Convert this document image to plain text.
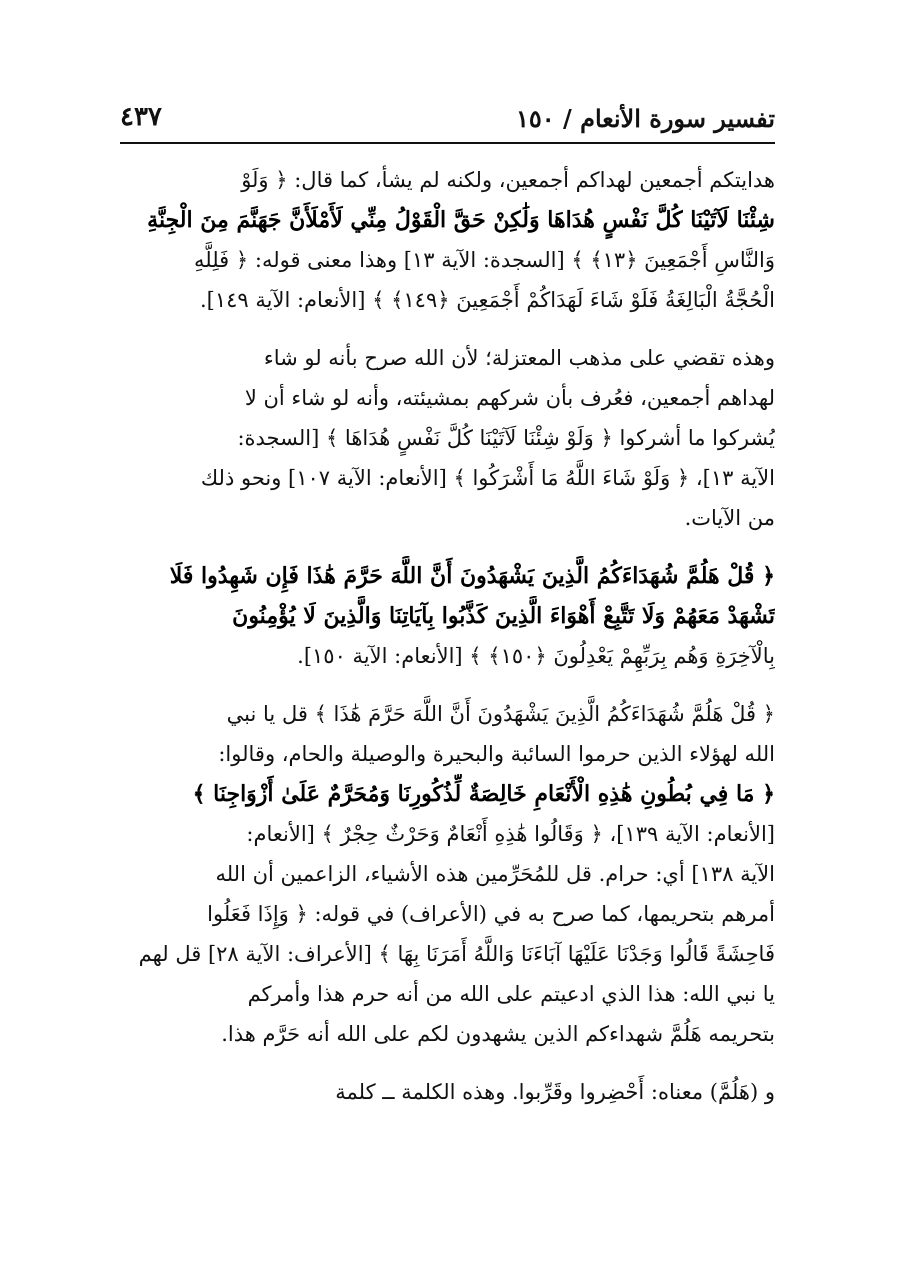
تفسير سورة الأنعام / ١٥٠
٤٣٧

هدايتكم أجمعين لهداكم أجمعين، ولكنه لم يشأ، كما قال: ﴿ وَلَوْ
شِئْنَا لَآتَيْنَا كُلَّ نَفْسٍ هُدَاهَا وَلَٰكِنْ حَقَّ الْقَوْلُ مِنِّي لَأَمْلَأَنَّ جَهَنَّمَ مِنَ الْجِنَّةِ
وَالنَّاسِ أَجْمَعِينَ ﴿١٣﴾ ﴾ [السجدة: الآية ١٣] وهذا معنى قوله: ﴿ فَلِلَّهِ
الْحُجَّةُ الْبَالِغَةُ فَلَوْ شَاءَ لَهَدَاكُمْ أَجْمَعِينَ ﴿١٤٩﴾ ﴾ [الأنعام: الآية ١٤٩].

وهذه تقضي على مذهب المعتزلة؛ لأن الله صرح بأنه لو شاء
لهداهم أجمعين، فعُرف بأن شركهم بمشيئته، وأنه لو شاء أن لا
يُشركوا ما أشركوا ﴿ وَلَوْ شِئْنَا لَآتَيْنَا كُلَّ نَفْسٍ هُدَاهَا ﴾ [السجدة:
الآية ١٣]، ﴿ وَلَوْ شَاءَ اللَّهُ مَا أَشْرَكُوا ﴾ [الأنعام: الآية ١٠٧] ونحو ذلك
من الآيات.

﴿ قُلْ هَلُمَّ شُهَدَاءَكُمُ الَّذِينَ يَشْهَدُونَ أَنَّ اللَّهَ حَرَّمَ هَٰذَا فَإِن شَهِدُوا فَلَا
تَشْهَدْ مَعَهُمْ وَلَا تَتَّبِعْ أَهْوَاءَ الَّذِينَ كَذَّبُوا بِآيَاتِنَا وَالَّذِينَ لَا يُؤْمِنُونَ
بِالْآخِرَةِ وَهُم بِرَبِّهِمْ يَعْدِلُونَ ﴿١٥٠﴾ ﴾ [الأنعام: الآية ١٥٠].

﴿ قُلْ هَلُمَّ شُهَدَاءَكُمُ الَّذِينَ يَشْهَدُونَ أَنَّ اللَّهَ حَرَّمَ هَٰذَا ﴾ قل يا نبي
الله لهؤلاء الذين حرموا السائبة والبحيرة والوصيلة والحام، وقالوا:
﴿ مَا فِي بُطُونِ هَٰذِهِ الْأَنْعَامِ خَالِصَةٌ لِّذُكُورِنَا وَمُحَرَّمٌ عَلَىٰ أَزْوَاجِنَا ﴾
[الأنعام: الآية ١٣٩]، ﴿ وَقَالُوا هَٰذِهِ أَنْعَامٌ وَحَرْثٌ حِجْرٌ ﴾ [الأنعام:
الآية ١٣٨] أي: حرام. قل للمُحَرِّمين هذه الأشياء، الزاعمين أن الله
أمرهم بتحريمها، كما صرح به في (الأعراف) في قوله: ﴿ وَإِذَا فَعَلُوا
فَاحِشَةً قَالُوا وَجَدْنَا عَلَيْهَا آبَاءَنَا وَاللَّهُ أَمَرَنَا بِهَا ﴾ [الأعراف: الآية ٢٨] قل لهم
يا نبي الله: هذا الذي ادعيتم على الله من أنه حرم هذا وأمركم
بتحريمه هَلُمَّ شهداءكم الذين يشهدون لكم على الله أنه حَرَّم هذا.

و (هَلُمَّ) معناه: أَحْضِروا وقَرِّبوا. وهذه الكلمة ــ كلمة
